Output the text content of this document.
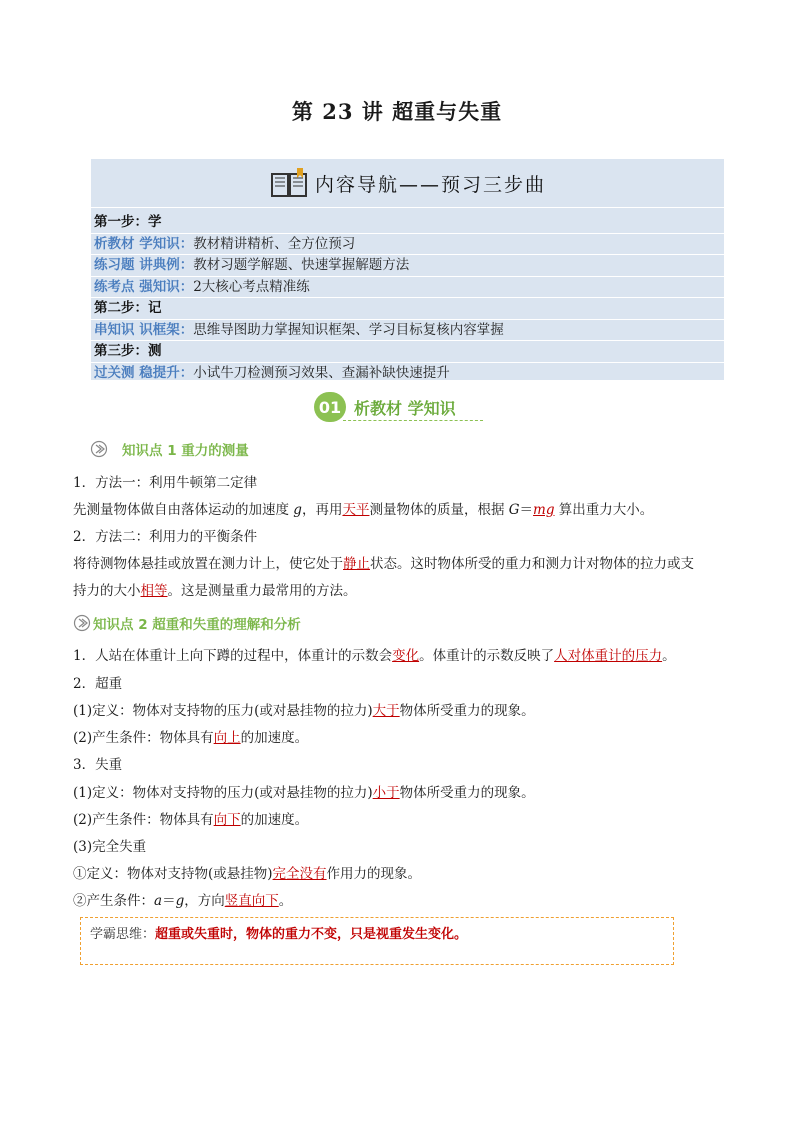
第 23 讲 超重与失重
内容导航——预习三步曲
第一步：学
析教材 学知识：教材精讲精析、全方位预习
练习题 讲典例：教材习题学解题、快速掌握解题方法
练考点 强知识：2大核心考点精准练
第二步：记
串知识 识框架：思维导图助力掌握知识框架、学习目标复核内容掌握
第三步：测
过关测 稳提升：小试牛刀检测预习效果、查漏补缺快速提升
01 析教材 学知识
知识点 1 重力的测量
1．方法一：利用牛顿第二定律
先测量物体做自由落体运动的加速度 g，再用天平测量物体的质量，根据 G＝mg 算出重力大小。
2．方法二：利用力的平衡条件
将待测物体悬挂或放置在测力计上，使它处于静止状态。这时物体所受的重力和测力计对物体的拉力或支
持力的大小相等。这是测量重力最常用的方法。
知识点 2 超重和失重的理解和分析
1．人站在体重计上向下蹲的过程中，体重计的示数会变化。体重计的示数反映了人对体重计的压力。
2．超重
(1)定义：物体对支持物的压力(或对悬挂物的拉力)大于物体所受重力的现象。
(2)产生条件：物体具有向上的加速度。
3．失重
(1)定义：物体对支持物的压力(或对悬挂物的拉力)小于物体所受重力的现象。
(2)产生条件：物体具有向下的加速度。
(3)完全失重
①定义：物体对支持物(或悬挂物)完全没有作用力的现象。
②产生条件：a＝g，方向竖直向下。
学霸思维：超重或失重时，物体的重力不变，只是视重发生变化。
